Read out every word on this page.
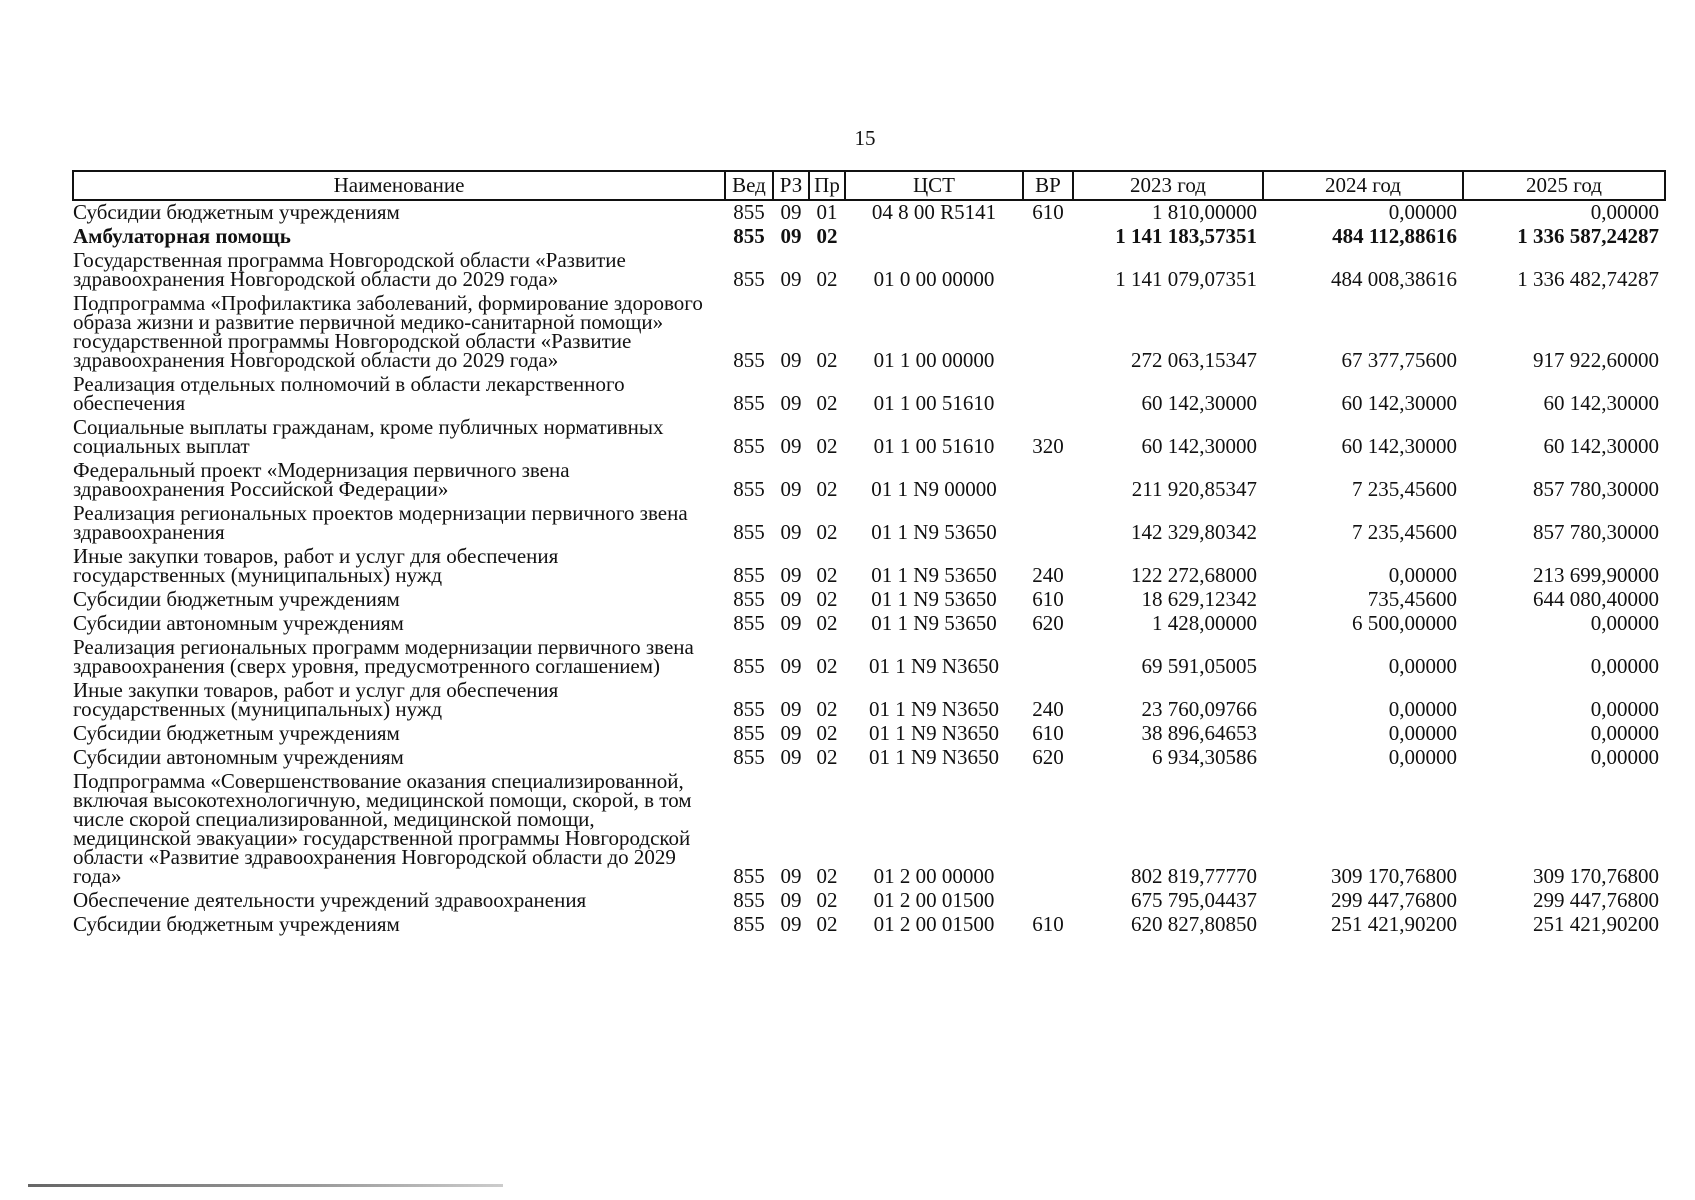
15
Наименование	Вед	РЗ	Пр	ЦСТ	ВР	2023 год	2024 год	2025 год
Субсидии бюджетным учреждениям	855	09	01	04 8 00 R5141	610	1 810,00000	0,00000	0,00000
Амбулаторная помощь	855	09	02			1 141 183,57351	484 112,88616	1 336 587,24287
Государственная программа Новгородской области «Развитие здравоохранения Новгородской области до 2029 года»	855	09	02	01 0 00 00000		1 141 079,07351	484 008,38616	1 336 482,74287
Подпрограмма «Профилактика заболеваний, формирование здорового образа жизни и развитие первичной медико-санитарной помощи» государственной программы Новгородской области «Развитие здравоохранения Новгородской области до 2029 года»	855	09	02	01 1 00 00000		272 063,15347	67 377,75600	917 922,60000
Реализация отдельных полномочий в области лекарственного обеспечения	855	09	02	01 1 00 51610		60 142,30000	60 142,30000	60 142,30000
Социальные выплаты гражданам, кроме публичных нормативных социальных выплат	855	09	02	01 1 00 51610	320	60 142,30000	60 142,30000	60 142,30000
Федеральный проект «Модернизация первичного звена здравоохранения Российской Федерации»	855	09	02	01 1 N9 00000		211 920,85347	7 235,45600	857 780,30000
Реализация региональных проектов модернизации первичного звена здравоохранения	855	09	02	01 1 N9 53650		142 329,80342	7 235,45600	857 780,30000
Иные закупки товаров, работ и услуг для обеспечения государственных (муниципальных) нужд	855	09	02	01 1 N9 53650	240	122 272,68000	0,00000	213 699,90000
Субсидии бюджетным учреждениям	855	09	02	01 1 N9 53650	610	18 629,12342	735,45600	644 080,40000
Субсидии автономным учреждениям	855	09	02	01 1 N9 53650	620	1 428,00000	6 500,00000	0,00000
Реализация региональных программ модернизации первичного звена здравоохранения (сверх уровня, предусмотренного соглашением)	855	09	02	01 1 N9 N3650		69 591,05005	0,00000	0,00000
Иные закупки товаров, работ и услуг для обеспечения государственных (муниципальных) нужд	855	09	02	01 1 N9 N3650	240	23 760,09766	0,00000	0,00000
Субсидии бюджетным учреждениям	855	09	02	01 1 N9 N3650	610	38 896,64653	0,00000	0,00000
Субсидии автономным учреждениям	855	09	02	01 1 N9 N3650	620	6 934,30586	0,00000	0,00000
Подпрограмма «Совершенствование оказания специализированной, включая высокотехнологичную, медицинской помощи, скорой, в том числе скорой специализированной, медицинской помощи, медицинской эвакуации» государственной программы Новгородской области «Развитие здравоохранения Новгородской области до 2029 года»	855	09	02	01 2 00 00000		802 819,77770	309 170,76800	309 170,76800
Обеспечение деятельности учреждений здравоохранения	855	09	02	01 2 00 01500		675 795,04437	299 447,76800	299 447,76800
Субсидии бюджетным учреждениям	855	09	02	01 2 00 01500	610	620 827,80850	251 421,90200	251 421,90200
